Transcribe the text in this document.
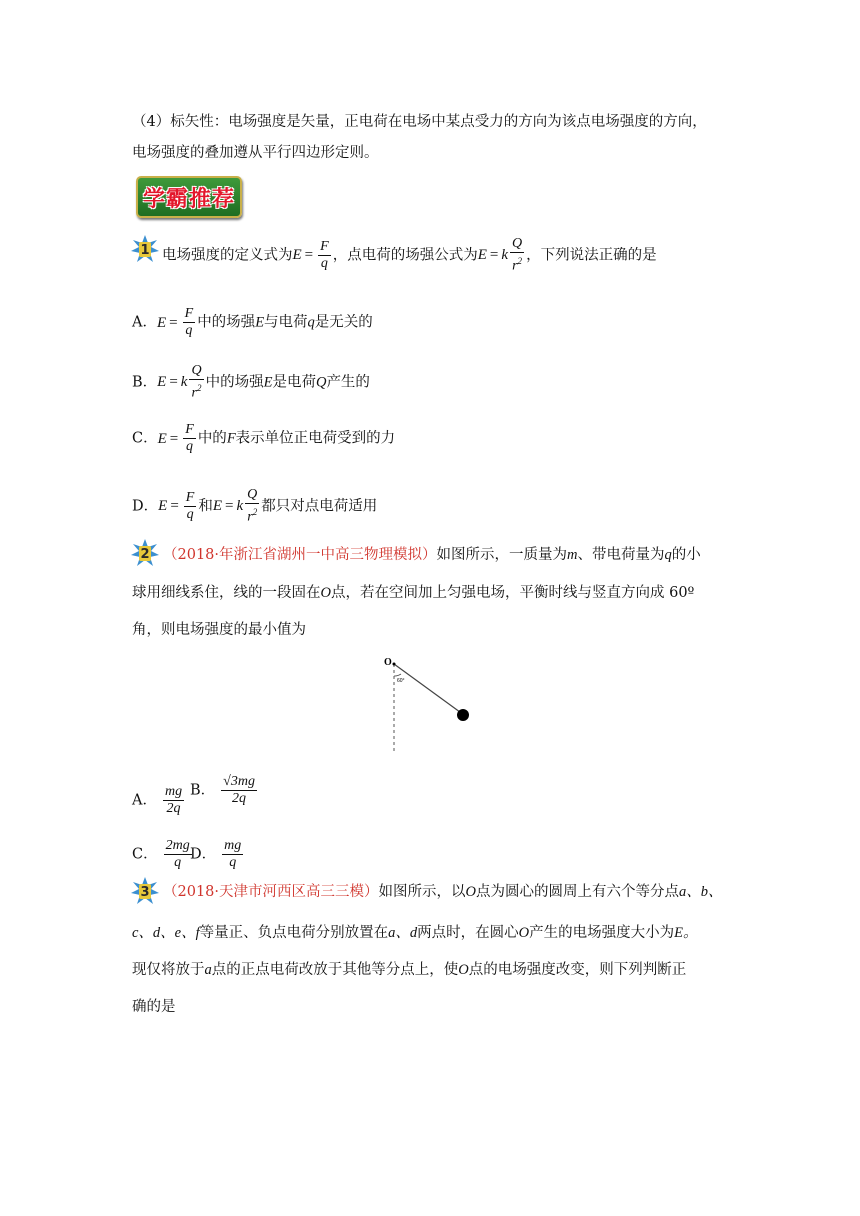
（4）标矢性：电场强度是矢量，正电荷在电场中某点受力的方向为该点电场强度的方向，
电场强度的叠加遵从平行四边形定则。
学霸推荐
1 电场强度的定义式为$E = \frac{F}{q}$ ，点电荷的场强公式为E = k $\frac{Q}{r^2}$ ，下列说法正确的是
A．$E = \frac{F}{q}$ 中的场强E与电荷q是无关的
B．E = k $\frac{Q}{r^2}$ 中的场强E是电荷Q产生的
C．$E = \frac{F}{q}$ 中的F表示单位正电荷受到的力
D．$E = \frac{F}{q}$ 和E = k $\frac{Q}{r^2}$ 都只对点电荷适用
2 （2018·年浙江省湖州一中高三物理模拟）如图所示，一质量为m、带电荷量为q的小
球用细线系住，线的一段固在O点，若在空间加上匀强电场，平衡时线与竖直方向成 60º
角，则电场强度的最小值为
O
60°
A． $\frac{mg}{2q}$ B． $\frac{√3mg}{2q}$
C． $\frac{2mg}{q}$
D． $\frac{mg}{q}$
3 （2018·天津市河西区高三三模）如图所示，以O点为圆心的圆周上有六个等分点a、b、
c、d、e、f等量正、负点电荷分别放置在a、d两点时，在圆心O产生的电场强度大小为E。
现仅将放于a点的正点电荷改放于其他等分点上，使O点的电场强度改变，则下列判断正
确的是
